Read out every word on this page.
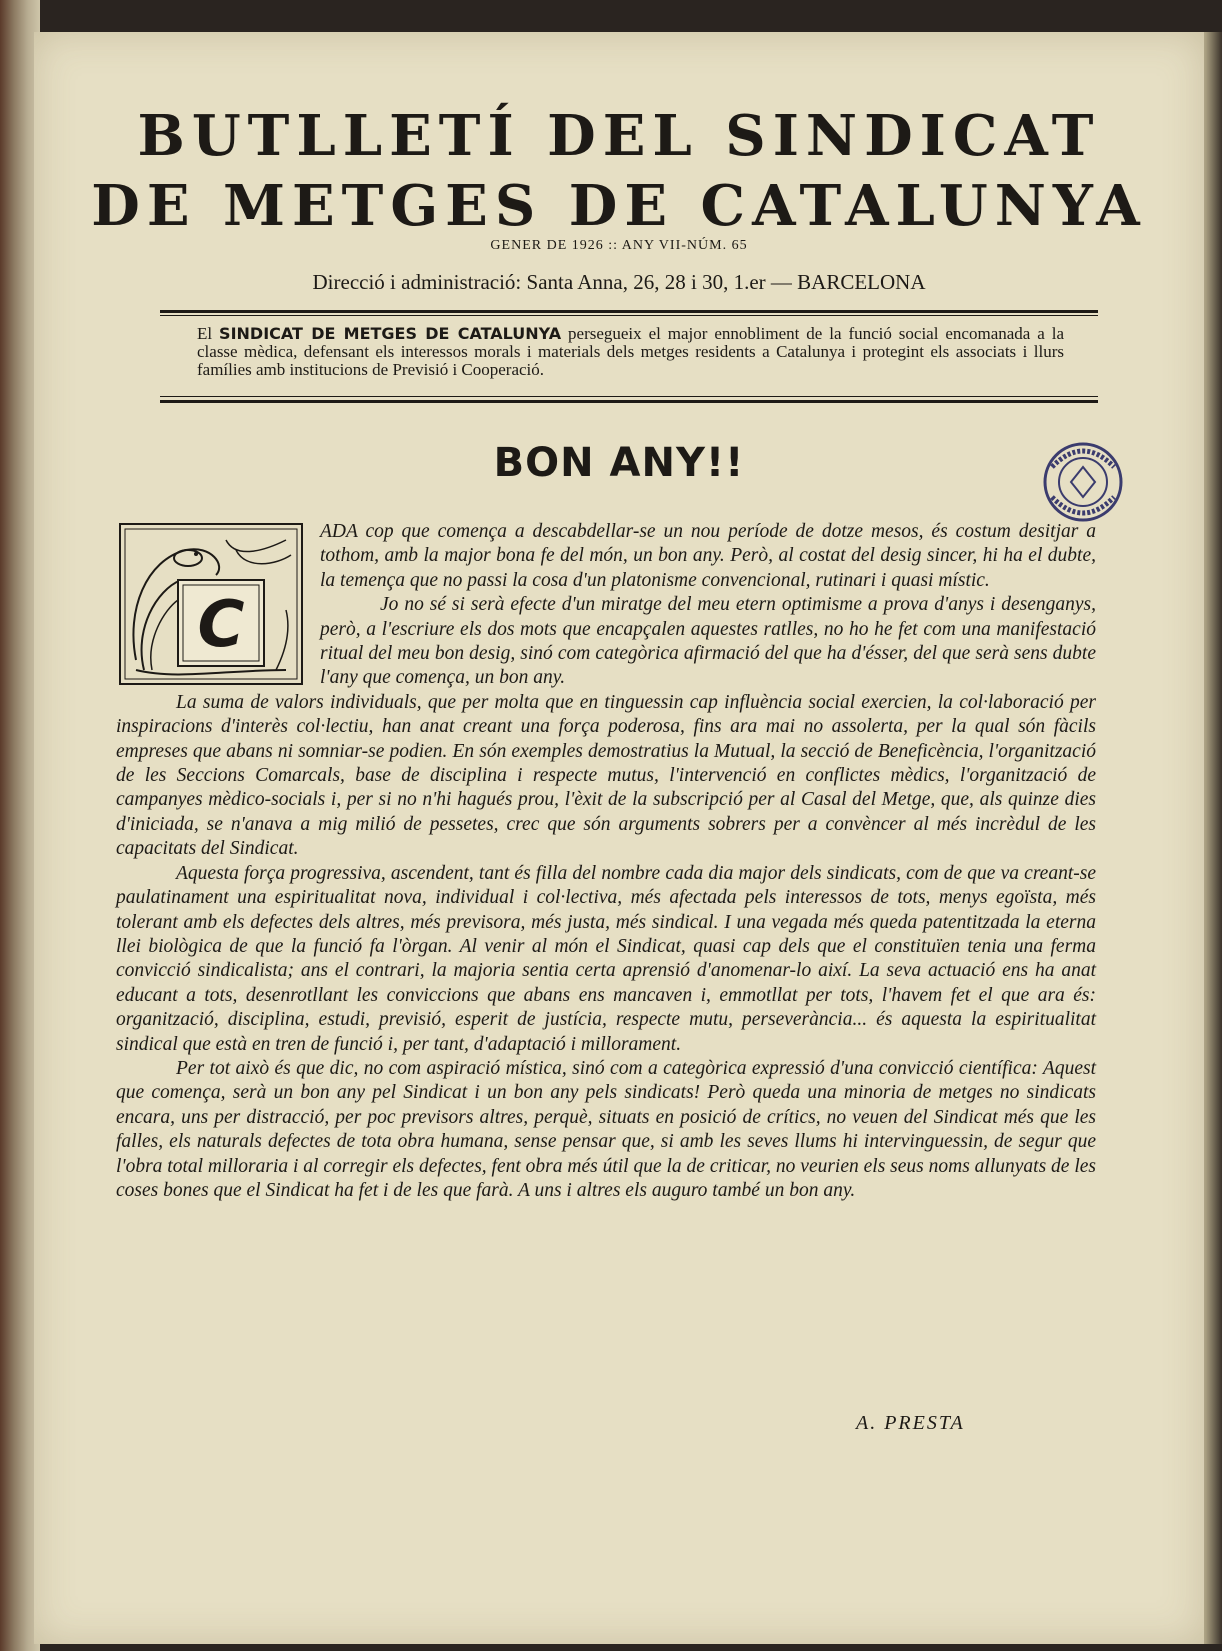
BUTLLETÍ DEL SINDICAT
DE METGES DE CATALUNYA
GENER DE 1926 :: ANY VII-NÚM. 65
Direcció i administració: Santa Anna, 26, 28 i 30, 1.er — BARCELONA
El SINDICAT DE METGES DE CATALUNYA persegueix el major ennobliment de la funció social encomanada a la classe mèdica, defensant els interessos morals i materials dels metges residents a Catalunya i protegint els associats i llurs famílies amb institucions de Previsió i Cooperació.
BON ANY!!
C

ADA cop que comença a descabdellar-se un nou període de dotze mesos, és costum desitjar a tothom, amb la major bona fe del món, un bon any. Però, al costat del desig sincer, hi ha el dubte, la temença que no passi la cosa d'un platonisme convencional, rutinari i quasi místic.

Jo no sé si serà efecte d'un miratge del meu etern optimisme a prova d'anys i desenganys, però, a l'escriure els dos mots que encapçalen aquestes ratlles, no ho he fet com una manifestació ritual del meu bon desig, sinó com categòrica afirmació del que ha d'ésser, del que serà sens dubte l'any que comença, un bon any.

La suma de valors individuals, que per molta que en tinguessin cap influència social exercien, la col·laboració per inspiracions d'interès col·lectiu, han anat creant una força poderosa, fins ara mai no assolerta, per la qual són fàcils empreses que abans ni somniar-se podien. En són exemples demostratius la Mutual, la secció de Beneficència, l'organització de les Seccions Comarcals, base de disciplina i respecte mutus, l'intervenció en conflictes mèdics, l'organització de campanyes mèdico-socials i, per si no n'hi hagués prou, l'èxit de la subscripció per al Casal del Metge, que, als quinze dies d'iniciada, se n'anava a mig milió de pessetes, crec que són arguments sobrers per a convèncer al més incrèdul de les capacitats del Sindicat.

Aquesta força progressiva, ascendent, tant és filla del nombre cada dia major dels sindicats, com de que va creant-se paulatinament una espiritualitat nova, individual i col·lectiva, més afectada pels interessos de tots, menys egoïsta, més tolerant amb els defectes dels altres, més previsora, més justa, més sindical. I una vegada més queda patentitzada la eterna llei biològica de que la funció fa l'òrgan. Al venir al món el Sindicat, quasi cap dels que el constituïen tenia una ferma convicció sindicalista; ans el contrari, la majoria sentia certa aprensió d'anomenar-lo així. La seva actuació ens ha anat educant a tots, desenrotllant les conviccions que abans ens mancaven i, emmotllat per tots, l'havem fet el que ara és: organització, disciplina, estudi, previsió, esperit de justícia, respecte mutu, perseverància... és aquesta la espiritualitat sindical que està en tren de funció i, per tant, d'adaptació i millorament.

Per tot això és que dic, no com aspiració mística, sinó com a categòrica expressió d'una convicció científica: Aquest que comença, serà un bon any pel Sindicat i un bon any pels sindicats! Però queda una minoria de metges no sindicats encara, uns per distracció, per poc previsors altres, perquè, situats en posició de crítics, no veuen del Sindicat més que les falles, els naturals defectes de tota obra humana, sense pensar que, si amb les seves llums hi intervinguessin, de segur que l'obra total milloraria i al corregir els defectes, fent obra més útil que la de criticar, no veurien els seus noms allunyats de les coses bones que el Sindicat ha fet i de les que farà. A uns i altres els auguro també un bon any.

A. PRESTA
